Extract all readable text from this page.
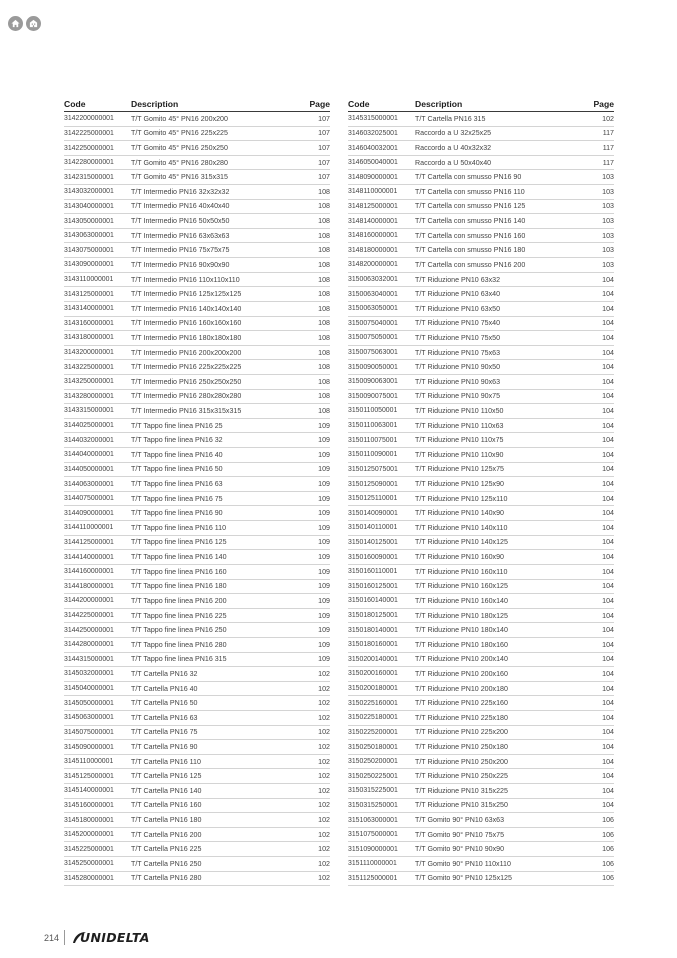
Code	Description	Page
3142200000001	T/T Gomito 45° PN16 200x200	107
3142225000001	T/T Gomito 45° PN16 225x225	107
3142250000001	T/T Gomito 45° PN16 250x250	107
3142280000001	T/T Gomito 45° PN16 280x280	107
3142315000001	T/T Gomito 45° PN16 315x315	107
3143032000001	T/T Intermedio PN16 32x32x32	108
3143040000001	T/T Intermedio PN16 40x40x40	108
3143050000001	T/T Intermedio PN16 50x50x50	108
3143063000001	T/T Intermedio PN16 63x63x63	108
3143075000001	T/T Intermedio PN16 75x75x75	108
3143090000001	T/T Intermedio PN16 90x90x90	108
3143110000001	T/T Intermedio PN16 110x110x110	108
3143125000001	T/T Intermedio PN16 125x125x125	108
3143140000001	T/T Intermedio PN16 140x140x140	108
3143160000001	T/T Intermedio PN16 160x160x160	108
3143180000001	T/T Intermedio PN16 180x180x180	108
3143200000001	T/T Intermedio PN16 200x200x200	108
3143225000001	T/T Intermedio PN16 225x225x225	108
3143250000001	T/T Intermedio PN16 250x250x250	108
3143280000001	T/T Intermedio PN16 280x280x280	108
3143315000001	T/T Intermedio PN16 315x315x315	108
3144025000001	T/T Tappo fine linea PN16 25	109
3144032000001	T/T Tappo fine linea PN16 32	109
3144040000001	T/T Tappo fine linea PN16 40	109
3144050000001	T/T Tappo fine linea PN16 50	109
3144063000001	T/T Tappo fine linea PN16 63	109
3144075000001	T/T Tappo fine linea PN16 75	109
3144090000001	T/T Tappo fine linea PN16 90	109
3144110000001	T/T Tappo fine linea PN16 110	109
3144125000001	T/T Tappo fine linea PN16 125	109
3144140000001	T/T Tappo fine linea PN16 140	109
3144160000001	T/T Tappo fine linea PN16 160	109
3144180000001	T/T Tappo fine linea PN16 180	109
3144200000001	T/T Tappo fine linea PN16 200	109
3144225000001	T/T Tappo fine linea PN16 225	109
3144250000001	T/T Tappo fine linea PN16 250	109
3144280000001	T/T Tappo fine linea PN16 280	109
3144315000001	T/T Tappo fine linea PN16 315	109
3145032000001	T/T Cartella PN16 32	102
3145040000001	T/T Cartella PN16 40	102
3145050000001	T/T Cartella PN16 50	102
3145063000001	T/T Cartella PN16 63	102
3145075000001	T/T Cartella PN16 75	102
3145090000001	T/T Cartella PN16 90	102
3145110000001	T/T Cartella PN16 110	102
3145125000001	T/T Cartella PN16 125	102
3145140000001	T/T Cartella PN16 140	102
3145160000001	T/T Cartella PN16 160	102
3145180000001	T/T Cartella PN16 180	102
3145200000001	T/T Cartella PN16 200	102
3145225000001	T/T Cartella PN16 225	102
3145250000001	T/T Cartella PN16 250	102
3145280000001	T/T Cartella PN16 280	102
Code	Description	Page
3145315000001	T/T Cartella PN16 315	102
3146032025001	Raccordo a U 32x25x25	117
3146040032001	Raccordo a U 40x32x32	117
3146050040001	Raccordo a U 50x40x40	117
3148090000001	T/T Cartella con smusso PN16 90	103
3148110000001	T/T Cartella con smusso PN16 110	103
3148125000001	T/T Cartella con smusso PN16 125	103
3148140000001	T/T Cartella con smusso PN16 140	103
3148160000001	T/T Cartella con smusso PN16 160	103
3148180000001	T/T Cartella con smusso PN16 180	103
3148200000001	T/T Cartella con smusso PN16 200	103
3150063032001	T/T Riduzione PN10 63x32	104
3150063040001	T/T Riduzione PN10 63x40	104
3150063050001	T/T Riduzione PN10 63x50	104
3150075040001	T/T Riduzione PN10 75x40	104
3150075050001	T/T Riduzione PN10 75x50	104
3150075063001	T/T Riduzione PN10 75x63	104
3150090050001	T/T Riduzione PN10 90x50	104
3150090063001	T/T Riduzione PN10 90x63	104
3150090075001	T/T Riduzione PN10 90x75	104
3150110050001	T/T Riduzione PN10 110x50	104
3150110063001	T/T Riduzione PN10 110x63	104
3150110075001	T/T Riduzione PN10 110x75	104
3150110090001	T/T Riduzione PN10 110x90	104
3150125075001	T/T Riduzione PN10 125x75	104
3150125090001	T/T Riduzione PN10 125x90	104
3150125110001	T/T Riduzione PN10 125x110	104
3150140090001	T/T Riduzione PN10 140x90	104
3150140110001	T/T Riduzione PN10 140x110	104
3150140125001	T/T Riduzione PN10 140x125	104
3150160090001	T/T Riduzione PN10 160x90	104
3150160110001	T/T Riduzione PN10 160x110	104
3150160125001	T/T Riduzione PN10 160x125	104
3150160140001	T/T Riduzione PN10 160x140	104
3150180125001	T/T Riduzione PN10 180x125	104
3150180140001	T/T Riduzione PN10 180x140	104
3150180160001	T/T Riduzione PN10 180x160	104
3150200140001	T/T Riduzione PN10 200x140	104
3150200160001	T/T Riduzione PN10 200x160	104
3150200180001	T/T Riduzione PN10 200x180	104
3150225160001	T/T Riduzione PN10 225x160	104
3150225180001	T/T Riduzione PN10 225x180	104
3150225200001	T/T Riduzione PN10 225x200	104
3150250180001	T/T Riduzione PN10 250x180	104
3150250200001	T/T Riduzione PN10 250x200	104
3150250225001	T/T Riduzione PN10 250x225	104
3150315225001	T/T Riduzione PN10 315x225	104
3150315250001	T/T Riduzione PN10 315x250	104
3151063000001	T/T Gomito 90° PN10 63x63	106
3151075000001	T/T Gomito 90° PN10 75x75	106
3151090000001	T/T Gomito 90° PN10 90x90	106
3151110000001	T/T Gomito 90° PN10 110x110	106
3151125000001	T/T Gomito 90° PN10 125x125	106
214 UNIDELTA
